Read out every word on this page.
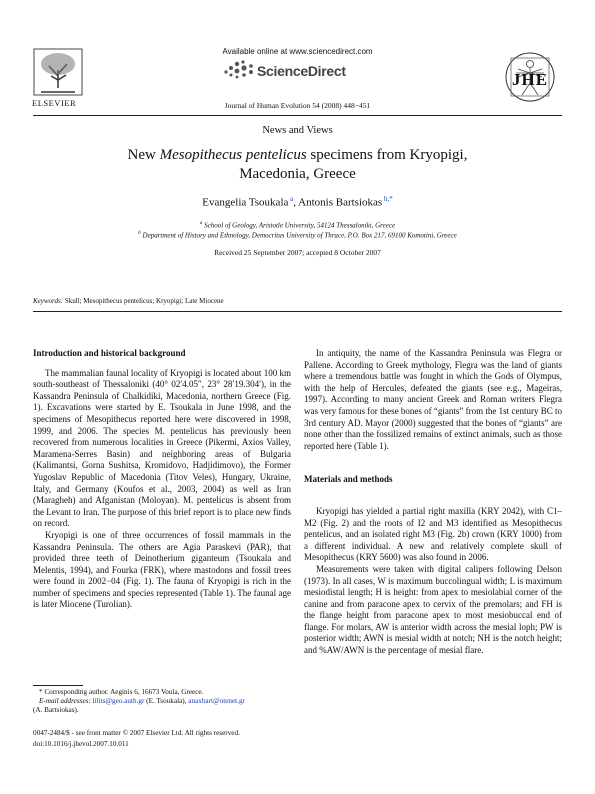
Available online at www.sciencedirect.com
ScienceDirect
ELSEVIER
JHE
Journal of Human Evolution 54 (2008) 448−451
News and Views
New Mesopithecus pentelicus specimens from Kryopigi,
Macedonia, Greece
Evangelia Tsoukala $^a$, Antonis Bartsiokas $^{b,*}$
$^a$ School of Geology, Aristotle University, 54124 Thessaloniki, Greece
$^b$ Department of History and Ethnology, Democritus University of Thrace, P.O. Box 217, 69100 Komotini, Greece
Received 25 September 2007; accepted 8 October 2007
Keywords: Skull; Mesopithecus pentelicus; Kryopigi; Late Miocene
Introduction and historical background

The mammalian faunal locality of Kryopigi is located about 100 km south-southeast of Thessaloniki (40° 02′4.05″, 23° 28′19.304′), in the Kassandra Peninsula of Chalkidiki, Macedonia, northern Greece (Fig. 1). Excavations were started by E. Tsoukala in June 1998, and the specimens of Mesopithecus reported here were discovered in 1998, 1999, and 2006. The species M. pentelicus has previously been recovered from numerous localities in Greece (Pikermi, Axios Valley, Maramena-Serres Basin) and neighboring areas of Bulgaria (Kalimantsi, Gorna Sushitsa, Kromidovo, Hadjidimovo), the Former Yugoslav Republic of Macedonia (Titov Veles), Hungary, Ukraine, Italy, and Germany (Koufos et al., 2003, 2004) as well as Iran (Maragheh) and Afganistan (Moloyan). M. pentelicus is absent from the Levant to Iran. The purpose of this brief report is to place new finds on record.

Kryopigi is one of three occurrences of fossil mammals in the Kassandra Peninsula. The others are Agia Paraskevi (PAR), that provided three teeth of Deinotherium giganteum (Tsoukala and Melentis, 1994), and Fourka (FRK), where mastodons and fossil trees were found in 2002−04 (Fig. 1). The fauna of Kryopigi is rich in the number of specimens and species represented (Table 1). The faunal age is later Miocene (Turolian).

* Corresponding author. Aeginis 6, 16673 Voula, Greece.
E-mail addresses: lilits@geo.auth.gr (E. Tsoukala), anaxbart@otenet.gr
(A. Bartsiokas).
0047-2484/$ - see front matter © 2007 Elsevier Ltd. All rights reserved.
doi:10.1016/j.jhevol.2007.10.011

In antiquity, the name of the Kassandra Peninsula was Flegra or Pallene. According to Greek mythology, Flegra was the land of giants where a tremendous battle was fought in which the Gods of Olympus, with the help of Hercules, defeated the giants (see e.g., Mageiras, 1997). According to many ancient Greek and Roman writers Flegra was very famous for these bones of “giants” from the 1st century BC to 3rd century AD. Mayor (2000) suggested that the bones of “giants” are none other than the fossilized remains of extinct animals, such as those reported here (Table 1).

Materials and methods

Kryopigi has yielded a partial right maxilla (KRY 2042), with C1–M2 (Fig. 2) and the roots of I2 and M3 identified as Mesopithecus pentelicus, and an isolated right M3 (Fig. 2b) crown (KRY 1000) from a different individual. A new and relatively complete skull of Mesopithecus (KRY 5600) was also found in 2006.

Measurements were taken with digital calipers following Delson (1973). In all cases, W is maximum buccolingual width; L is maximum mesiodistal length; H is height: from apex to mesiolabial corner of the canine and from paracone apex to cervix of the premolars; and FH is the flange height from paracone apex to most mesiobuccal end of flange. For molars, AW is anterior width across the mesial loph; PW is posterior width; AWN is mesial width at notch; NH is the notch height; and %AW/AWN is the percentage of mesial flare.
